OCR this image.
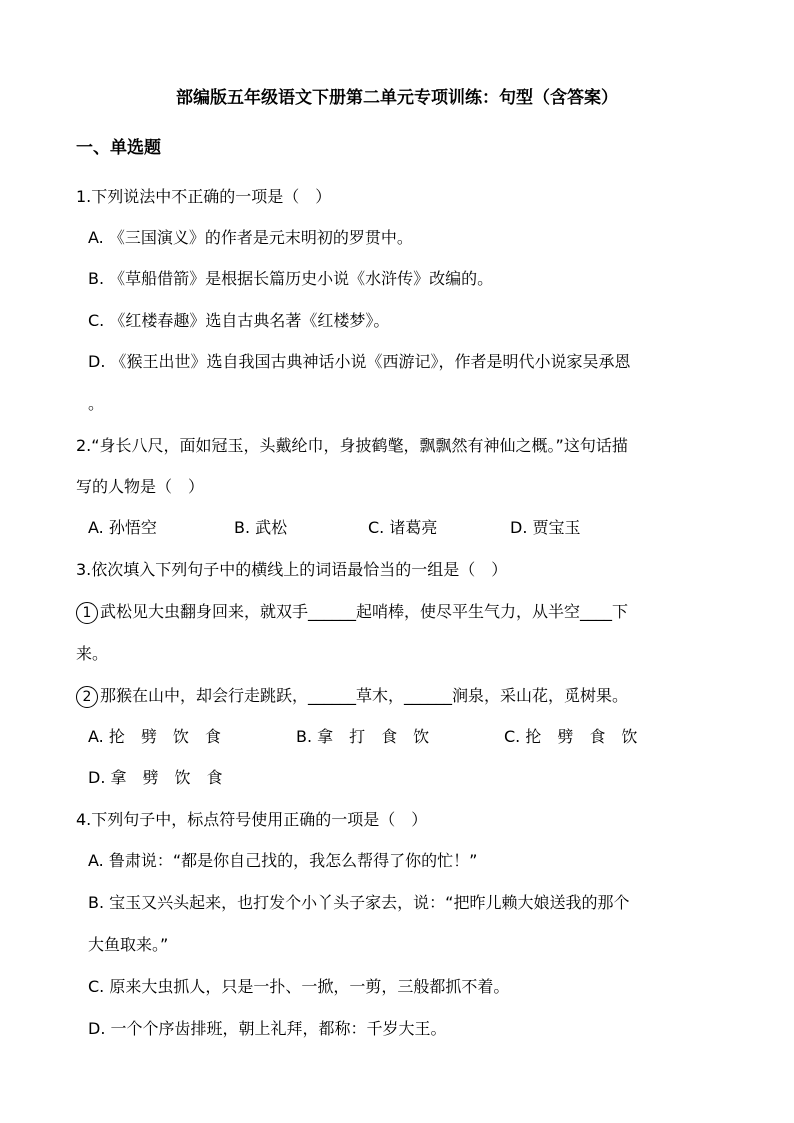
部编版五年级语文下册第二单元专项训练：句型（含答案）
一、单选题
1.下列说法中不正确的一项是（　）
A. 《三国演义》的作者是元末明初的罗贯中。
B. 《草船借箭》是根据长篇历史小说《水浒传》改编的。
C. 《红楼春趣》选自古典名著《红楼梦》。
D. 《猴王出世》选自我国古典神话小说《西游记》，作者是明代小说家吴承恩
。
2.“身长八尺，面如冠玉，头戴纶巾，身披鹤氅，飘飘然有神仙之概。”这句话描
写的人物是（　）
A. 孙悟空	B. 武松	C. 诸葛亮	D. 贾宝玉
3.依次填入下列句子中的横线上的词语最恰当的一组是（　）
1 武松见大虫翻身回来，就双手______起哨棒，使尽平生气力，从半空____下
来。
2 那猴在山中，却会行走跳跃，______草木，______涧泉，采山花，觅树果。
A. 抡　劈　饮　食	B. 拿　打　食　饮	C. 抡　劈　食　饮
D. 拿　劈　饮　食
4.下列句子中，标点符号使用正确的一项是（　）
A. 鲁肃说：“都是你自己找的，我怎么帮得了你的忙！”
B. 宝玉又兴头起来，也打发个小丫头子家去，说：“把昨儿赖大娘送我的那个
大鱼取来。”
C. 原来大虫抓人，只是一扑、一掀，一剪，三般都抓不着。
D. 一个个序齿排班，朝上礼拜，都称：千岁大王。
